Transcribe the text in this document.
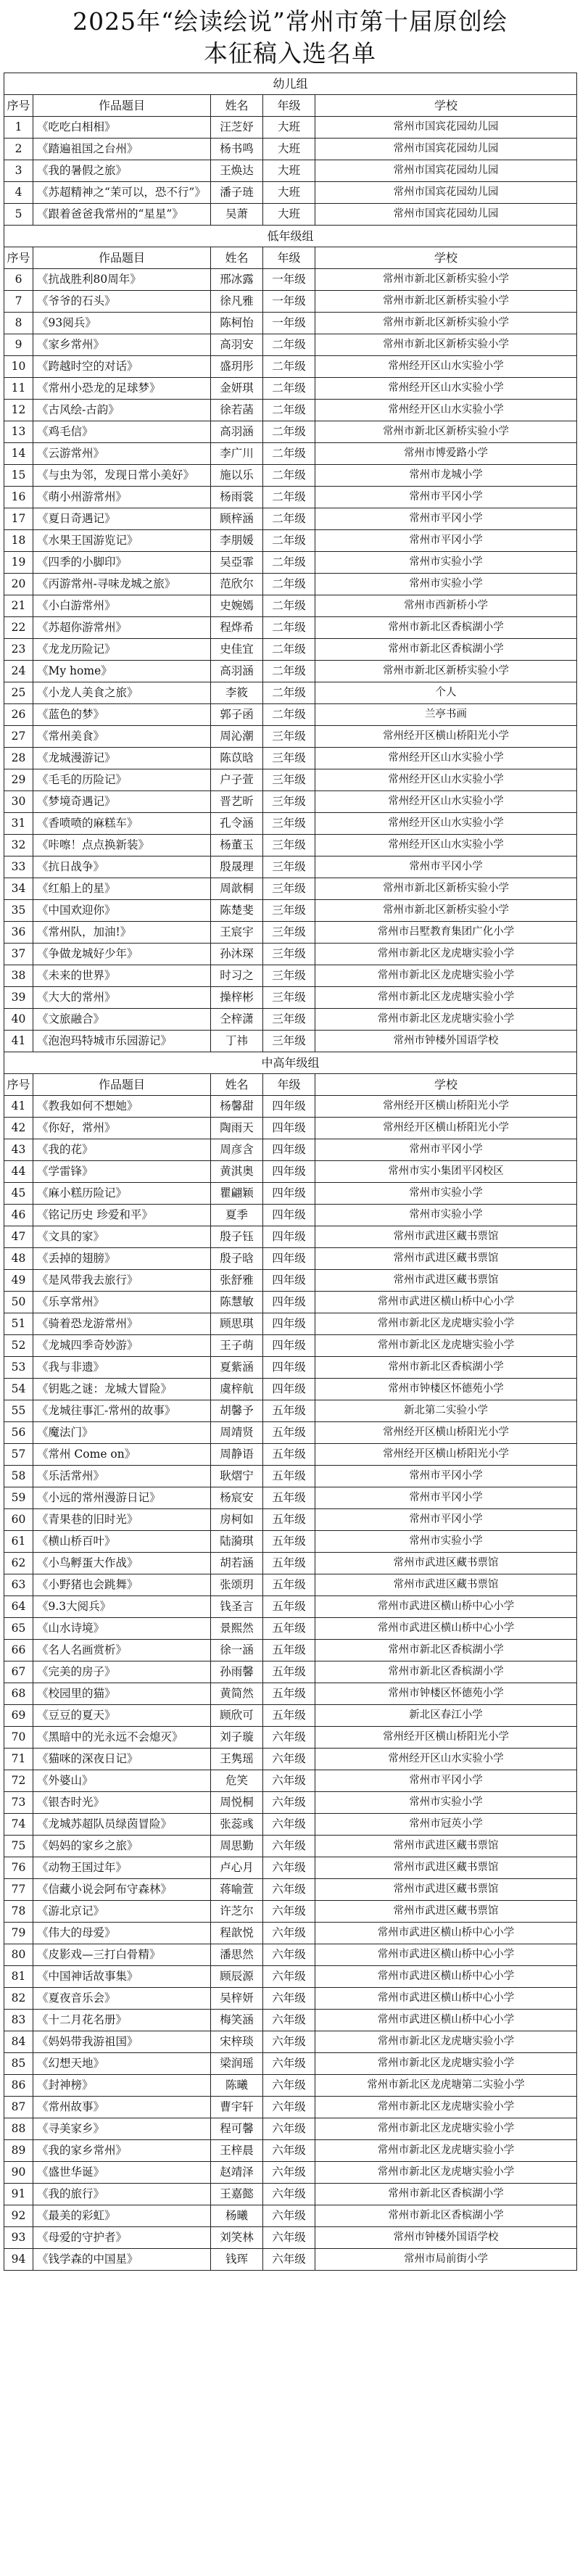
2025年“绘读绘说”常州市第十届原创绘
本征稿入选名单
幼儿组				
序号	作品题目	姓名	年级	学校
1	《吃吃白相相》	汪芝妤	大班	常州市国宾花园幼儿园
2	《踏遍祖国之台州》	杨书鸣	大班	常州市国宾花园幼儿园
3	《我的暑假之旅》	王焕达	大班	常州市国宾花园幼儿园
4	《苏超精神之“茉可以，恐不行”》	潘子琏	大班	常州市国宾花园幼儿园
5	《跟着爸爸我常州的“星星”》	吴萧	大班	常州市国宾花园幼儿园
低年级组				
序号	作品题目	姓名	年级	学校
6	《抗战胜利80周年》	邢冰露	一年级	常州市新北区新桥实验小学
7	《爷爷的石头》	徐凡雅	一年级	常州市新北区新桥实验小学
8	《93阅兵》	陈柯怡	一年级	常州市新北区新桥实验小学
9	《家乡常州》	高羽安	二年级	常州市新北区新桥实验小学
10	《跨越时空的对话》	盛玥彤	二年级	常州经开区山水实验小学
11	《常州小恐龙的足球梦》	金妍琪	二年级	常州经开区山水实验小学
12	《古风绘-古韵》	徐若菡	二年级	常州经开区山水实验小学
13	《鸡毛信》	高羽涵	二年级	常州市新北区新桥实验小学
14	《云游常州》	李广川	二年级	常州市博爱路小学
15	《与虫为邻，发现日常小美好》	施以乐	二年级	常州市龙城小学
16	《萌小州游常州》	杨雨裳	二年级	常州市平冈小学
17	《夏日奇遇记》	顾梓涵	二年级	常州市平冈小学
18	《水果王国游览记》	李朋媛	二年级	常州市平冈小学
19	《四季的小脚印》	吴亞霏	二年级	常州市实验小学
20	《丙游常州-寻味龙城之旅》	范欣尔	二年级	常州市实验小学
21	《小白游常州》	史婉嫣	二年级	常州市西新桥小学
22	《苏超你游常州》	程烨希	二年级	常州市新北区香槟湖小学
23	《龙龙历险记》	史佳宜	二年级	常州市新北区香槟湖小学
24	《My home》	高羽涵	二年级	常州市新北区新桥实验小学
25	《小龙人美食之旅》	李筱	二年级	个人
26	《蓝色的梦》	郭子函	二年级	兰亭书画
27	《常州美食》	周沁潮	三年级	常州经开区横山桥阳光小学
28	《龙城漫游记》	陈苡晗	三年级	常州经开区山水实验小学
29	《毛毛的历险记》	户子萱	三年级	常州经开区山水实验小学
30	《梦境奇遇记》	晋艺昕	三年级	常州经开区山水实验小学
31	《香喷喷的麻糕车》	孔令涵	三年级	常州经开区山水实验小学
32	《咔嚓！点点换新装》	杨董玉	三年级	常州经开区山水实验小学
33	《抗日战争》	殷晟理	三年级	常州市平冈小学
34	《红船上的星》	周歆桐	三年级	常州市新北区新桥实验小学
35	《中国欢迎你》	陈楚斐	三年级	常州市新北区新桥实验小学
36	《常州队，加油!》	王宸宇	三年级	常州市吕墅教育集团广化小学
37	《争做龙城好少年》	孙沐琛	三年级	常州市新北区龙虎塘实验小学
38	《未来的世界》	时习之	三年级	常州市新北区龙虎塘实验小学
39	《大大的常州》	操梓彬	三年级	常州市新北区龙虎塘实验小学
40	《文旅融合》	仝梓潇	三年级	常州市新北区龙虎塘实验小学
41	《泡泡玛特城市乐园游记》	丁祎	三年级	常州市钟楼外国语学校
中高年级组				
序号	作品题目	姓名	年级	学校
41	《教我如何不想她》	杨馨甜	四年级	常州经开区横山桥阳光小学
42	《你好，常州》	陶雨天	四年级	常州经开区横山桥阳光小学
43	《我的花》	周彦含	四年级	常州市平冈小学
44	《学雷锋》	黄淇奥	四年级	常州市实小集团平冈校区
45	《麻小糕历险记》	瞿翩颖	四年级	常州市实验小学
46	《铭记历史 珍爱和平》	夏季	四年级	常州市实验小学
47	《文具的家》	殷子钰	四年级	常州市武进区藏书票馆
48	《丢掉的翅膀》	殷子晗	四年级	常州市武进区藏书票馆
49	《是风带我去旅行》	张舒雅	四年级	常州市武进区藏书票馆
50	《乐享常州》	陈慧敏	四年级	常州市武进区横山桥中心小学
51	《骑着恐龙游常州》	顾思琪	四年级	常州市新北区龙虎塘实验小学
52	《龙城四季奇妙游》	王子萌	四年级	常州市新北区龙虎塘实验小学
53	《我与非遗》	夏紫涵	四年级	常州市新北区香槟湖小学
54	《钥匙之谜：龙城大冒险》	虞梓航	四年级	常州市钟楼区怀德苑小学
55	《龙城往事汇-常州的故事》	胡馨予	五年级	新北第二实验小学
56	《魔法门》	周靖贤	五年级	常州经开区横山桥阳光小学
57	《常州 Come on》	周静语	五年级	常州经开区横山桥阳光小学
58	《乐活常州》	耿熠宁	五年级	常州市平冈小学
59	《小远的常州漫游日记》	杨宸安	五年级	常州市平冈小学
60	《青果巷的旧时光》	房柯如	五年级	常州市平冈小学
61	《横山桥百叶》	陆漪琪	五年级	常州市实验小学
62	《小鸟孵蛋大作战》	胡若涵	五年级	常州市武进区藏书票馆
63	《小野猪也会跳舞》	张颂玥	五年级	常州市武进区藏书票馆
64	《9.3大阅兵》	钱圣言	五年级	常州市武进区横山桥中心小学
65	《山水诗境》	景熙然	五年级	常州市武进区横山桥中心小学
66	《名人名画赏析》	徐一涵	五年级	常州市新北区香槟湖小学
67	《完美的房子》	孙雨馨	五年级	常州市新北区香槟湖小学
68	《校园里的猫》	黄简然	五年级	常州市钟楼区怀德苑小学
69	《豆豆的夏天》	顾欣可	五年级	新北区春江小学
70	《黑暗中的光永远不会熄灭》	刘子璇	六年级	常州经开区横山桥阳光小学
71	《猫咪的深夜日记》	王隽瑶	六年级	常州经开区山水实验小学
72	《外婆山》	危笑	六年级	常州市平冈小学
73	《银杏时光》	周悦桐	六年级	常州市实验小学
74	《龙城苏超队员绿茵冒险》	张蕊彧	六年级	常州市冠英小学
75	《妈妈的家乡之旅》	周思勤	六年级	常州市武进区藏书票馆
76	《动物王国过年》	卢心月	六年级	常州市武进区藏书票馆
77	《信藏小说会阿布守森林》	蒋喻萱	六年级	常州市武进区藏书票馆
78	《游北京记》	许芝尔	六年级	常州市武进区藏书票馆
79	《伟大的母爱》	程歆悦	六年级	常州市武进区横山桥中心小学
80	《皮影戏—三打白骨精》	潘思然	六年级	常州市武进区横山桥中心小学
81	《中国神话故事集》	顾辰源	六年级	常州市武进区横山桥中心小学
82	《夏夜音乐会》	吴梓妍	六年级	常州市武进区横山桥中心小学
83	《十二月花名册》	梅笑涵	六年级	常州市武进区横山桥中心小学
84	《妈妈带我游祖国》	宋梓琰	六年级	常州市新北区龙虎塘实验小学
85	《幻想天地》	梁润瑶	六年级	常州市新北区龙虎塘实验小学
86	《封神榜》	陈曦	六年级	常州市新北区龙虎塘第二实验小学
87	《常州故事》	曹宇轩	六年级	常州市新北区龙虎塘实验小学
88	《寻美家乡》	程可馨	六年级	常州市新北区龙虎塘实验小学
89	《我的家乡常州》	王梓晨	六年级	常州市新北区龙虎塘实验小学
90	《盛世华诞》	赵靖泽	六年级	常州市新北区龙虎塘实验小学
91	《我的旅行》	王嘉懿	六年级	常州市新北区香槟湖小学
92	《最美的彩虹》	杨曦	六年级	常州市新北区香槟湖小学
93	《母爱的守护者》	刘笑林	六年级	常州市钟楼外国语学校
94	《钱学森的中国星》	钱珲	六年级	常州市局前街小学
